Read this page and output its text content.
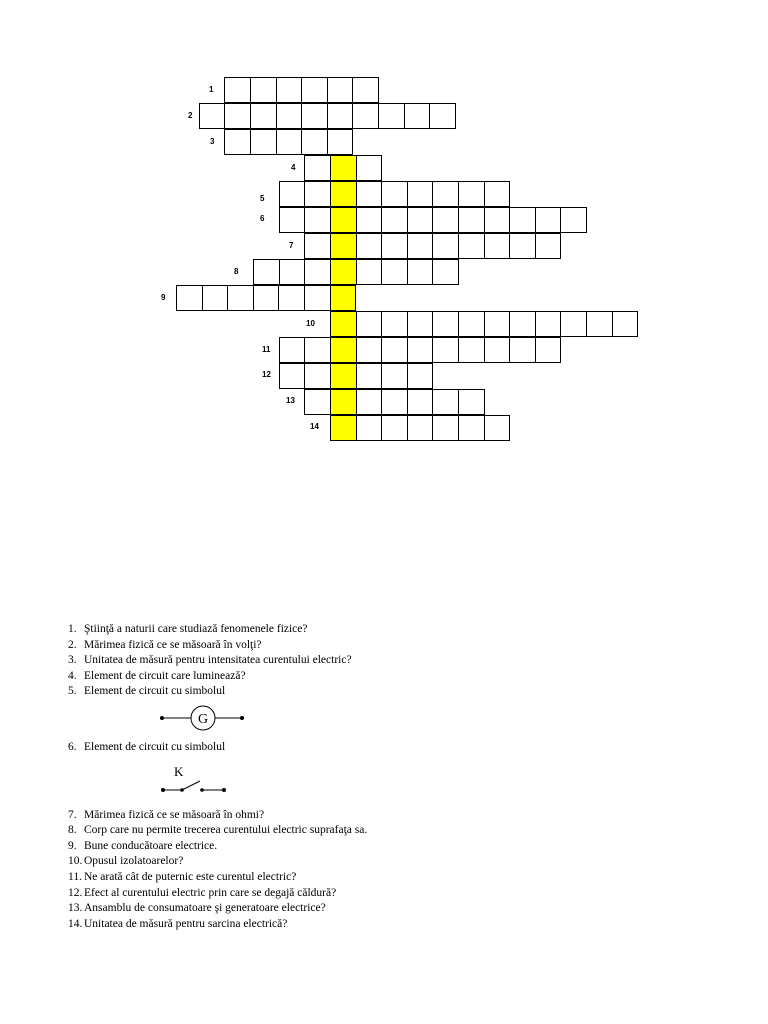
1
2
3
4
5
6
7
8
9
10
11
12
13
14
1. Ştiinţă a naturii care studiază fenomenele fizice?
2. Mărimea fizică ce se măsoară în volţi?
3. Unitatea de măsură pentru intensitatea curentului electric?
4. Element de circuit care luminează?
5. Element de circuit cu simbolul
G
6. Element de circuit cu simbolul
K
7. Mărimea fizică ce se măsoară în ohmi?
8. Corp care nu permite trecerea curentului electric suprafaţa sa.
9. Bune conducătoare electrice.
10. Opusul izolatoarelor?
11. Ne arată cât de puternic este curentul electric?
12. Efect al curentului electric prin care se degajă căldură?
13. Ansamblu de consumatoare şi generatoare electrice?
14. Unitatea de măsură pentru sarcina electrică?
